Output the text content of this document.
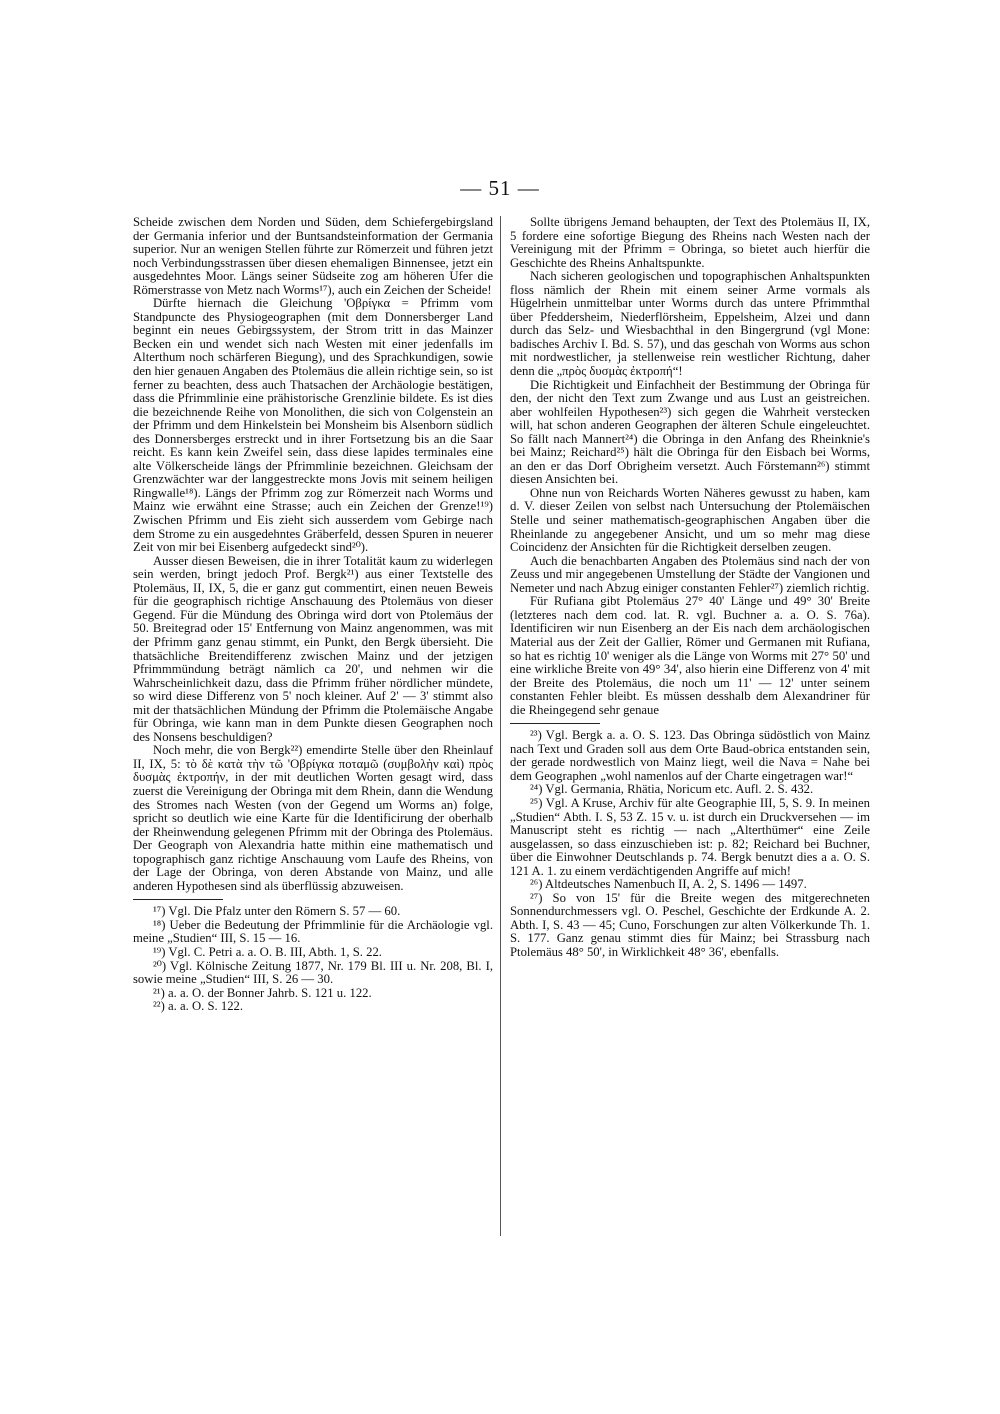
— 51 —

Scheide zwischen dem Norden und Süden, dem Schiefergebirgsland der Germania inferior und der Buntsandsteinformation der Germania superior. Nur an wenigen Stellen führte zur Römerzeit und führen jetzt noch Verbindungsstrassen über diesen ehemaligen Binnensee, jetzt ein ausgedehntes Moor. Längs seiner Südseite zog am höheren Ufer die Römerstrasse von Metz nach Worms¹⁷), auch ein Zeichen der Scheide!

Dürfte hiernach die Gleichung 'Οβρίγκα = Pfrimm vom Standpuncte des Physiogeographen (mit dem Donnersberger Land beginnt ein neues Gebirgssystem, der Strom tritt in das Mainzer Becken ein und wendet sich nach Westen mit einer jedenfalls im Alterthum noch schärferen Biegung), und des Sprachkundigen, sowie den hier genauen Angaben des Ptolemäus die allein richtige sein, so ist ferner zu beachten, dess auch Thatsachen der Archäologie bestätigen, dass die Pfrimmlinie eine prähistorische Grenzlinie bildete. Es ist dies die bezeichnende Reihe von Monolithen, die sich von Colgenstein an der Pfrimm und dem Hinkelstein bei Monsheim bis Alsenborn südlich des Donnersberges erstreckt und in ihrer Fortsetzung bis an die Saar reicht. Es kann kein Zweifel sein, dass diese lapides terminales eine alte Völkerscheide längs der Pfrimmlinie bezeichnen. Gleichsam der Grenzwächter war der langgestreckte mons Jovis mit seinem heiligen Ringwalle¹⁸). Längs der Pfrimm zog zur Römerzeit nach Worms und Mainz wie erwähnt eine Strasse; auch ein Zeichen der Grenze!¹⁹) Zwischen Pfrimm und Eis zieht sich ausserdem vom Gebirge nach dem Strome zu ein ausgedehntes Gräberfeld, dessen Spuren in neuerer Zeit von mir bei Eisenberg aufgedeckt sind²⁰).

Ausser diesen Beweisen, die in ihrer Totalität kaum zu widerlegen sein werden, bringt jedoch Prof. Bergk²¹) aus einer Textstelle des Ptolemäus, II, IX, 5, die er ganz gut commentirt, einen neuen Beweis für die geographisch richtige Anschauung des Ptolemäus von dieser Gegend. Für die Mündung des Obringa wird dort von Ptolemäus der 50. Breitegrad oder 15' Entfernung von Mainz angenommen, was mit der Pfrimm ganz genau stimmt, ein Punkt, den Bergk übersieht. Die thatsächliche Breitendifferenz zwischen Mainz und der jetzigen Pfrimmmündung beträgt nämlich ca 20', und nehmen wir die Wahrscheinlichkeit dazu, dass die Pfrimm früher nördlicher mündete, so wird diese Differenz von 5' noch kleiner. Auf 2' — 3' stimmt also mit der thatsächlichen Mündung der Pfrimm die Ptolemäische Angabe für Obringa, wie kann man in dem Punkte diesen Geographen noch des Nonsens beschuldigen?

Noch mehr, die von Bergk²²) emendirte Stelle über den Rheinlauf II, IX, 5: τὸ δὲ κατὰ τὴν τῶ 'Οβρίγκα ποταμῶ (συμβολὴν καὶ) πρὸς δυσμὰς ἐκτροπήν, in der mit deutlichen Worten gesagt wird, dass zuerst die Vereinigung der Obringa mit dem Rhein, dann die Wendung des Stromes nach Westen (von der Gegend um Worms an) folge, spricht so deutlich wie eine Karte für die Identificirung der oberhalb der Rheinwendung gelegenen Pfrimm mit der Obringa des Ptolemäus. Der Geograph von Alexandria hatte mithin eine mathematisch und topographisch ganz richtige Anschauung vom Laufe des Rheins, von der Lage der Obringa, von deren Abstande von Mainz, und alle anderen Hypothesen sind als überflüssig abzuweisen.

¹⁷) Vgl. Die Pfalz unter den Römern S. 57 — 60.

¹⁸) Ueber die Bedeutung der Pfrimmlinie für die Archäologie vgl. meine „Studien“ III, S. 15 — 16.

¹⁹) Vgl. C. Petri a. a. O. B. III, Abth. 1, S. 22.

²⁰) Vgl. Kölnische Zeitung 1877, Nr. 179 Bl. III u. Nr. 208, Bl. I, sowie meine „Studien“ III, S. 26 — 30.

²¹) a. a. O. der Bonner Jahrb. S. 121 u. 122.

²²) a. a. O. S. 122.

Sollte übrigens Jemand behaupten, der Text des Ptolemäus II, IX, 5 fordere eine sofortige Biegung des Rheins nach Westen nach der Vereinigung mit der Pfrimm = Obringa, so bietet auch hierfür die Geschichte des Rheins Anhaltspunkte.

Nach sicheren geologischen und topographischen Anhaltspunkten floss nämlich der Rhein mit einem seiner Arme vormals als Hügelrhein unmittelbar unter Worms durch das untere Pfrimmthal über Pfeddersheim, Niederflörsheim, Eppelsheim, Alzei und dann durch das Selz- und Wiesbachthal in den Bingergrund (vgl Mone: badisches Archiv I. Bd. S. 57), und das geschah von Worms aus schon mit nordwestlicher, ja stellenweise rein westlicher Richtung, daher denn die „πρὸς δυσμὰς ἐκτροπή“!

Die Richtigkeit und Einfachheit der Bestimmung der Obringa für den, der nicht den Text zum Zwange und aus Lust an geistreichen. aber wohlfeilen Hypothesen²³) sich gegen die Wahrheit verstecken will, hat schon anderen Geographen der älteren Schule eingeleuchtet. So fällt nach Mannert²⁴) die Obringa in den Anfang des Rheinknie's bei Mainz; Reichard²⁵) hält die Obringa für den Eisbach bei Worms, an den er das Dorf Obrigheim versetzt. Auch Förstemann²⁶) stimmt diesen Ansichten bei.

Ohne nun von Reichards Worten Näheres gewusst zu haben, kam d. V. dieser Zeilen von selbst nach Untersuchung der Ptolemäischen Stelle und seiner mathematisch-geographischen Angaben über die Rheinlande zu angegebener Ansicht, und um so mehr mag diese Coincidenz der Ansichten für die Richtigkeit derselben zeugen.

Auch die benachbarten Angaben des Ptolemäus sind nach der von Zeuss und mir angegebenen Umstellung der Städte der Vangionen und Nemeter und nach Abzug einiger constanten Fehler²⁷) ziemlich richtig.

Für Rufiana gibt Ptolemäus 27° 40' Länge und 49° 30' Breite (letzteres nach dem cod. lat. R. vgl. Buchner a. a. O. S. 76a). Identificiren wir nun Eisenberg an der Eis nach dem archäologischen Material aus der Zeit der Gallier, Römer und Germanen mit Rufiana, so hat es richtig 10' weniger als die Länge von Worms mit 27° 50' und eine wirkliche Breite von 49° 34', also hierin eine Differenz von 4' mit der Breite des Ptolemäus, die noch um 11' — 12' unter seinem constanten Fehler bleibt. Es müssen desshalb dem Alexandriner für die Rheingegend sehr genaue

²³) Vgl. Bergk a. a. O. S. 123. Das Obringa südöstlich von Mainz nach Text und Graden soll aus dem Orte Baud-obrica entstanden sein, der gerade nordwestlich von Mainz liegt, weil die Nava = Nahe bei dem Geographen „wohl namenlos auf der Charte eingetragen war!“

²⁴) Vgl. Germania, Rhätia, Noricum etc. Aufl. 2. S. 432.

²⁵) Vgl. A Kruse, Archiv für alte Geographie III, 5, S. 9. In meinen „Studien“ Abth. I. S, 53 Z. 15 v. u. ist durch ein Druckversehen — im Manuscript steht es richtig — nach „Alterthümer“ eine Zeile ausgelassen, so dass einzuschieben ist: p. 82; Reichard bei Buchner, über die Einwohner Deutschlands p. 74. Bergk benutzt dies a a. O. S. 121 A. 1. zu einem verdächtigenden Angriffe auf mich!

²⁶) Altdeutsches Namenbuch II, A. 2, S. 1496 — 1497.

²⁷) So von 15' für die Breite wegen des mitgerechneten Sonnendurchmessers vgl. O. Peschel, Geschichte der Erdkunde A. 2. Abth. I, S. 43 — 45; Cuno, Forschungen zur alten Völkerkunde Th. 1. S. 177. Ganz genau stimmt dies für Mainz; bei Strassburg nach Ptolemäus 48° 50', in Wirklichkeit 48° 36', ebenfalls.
